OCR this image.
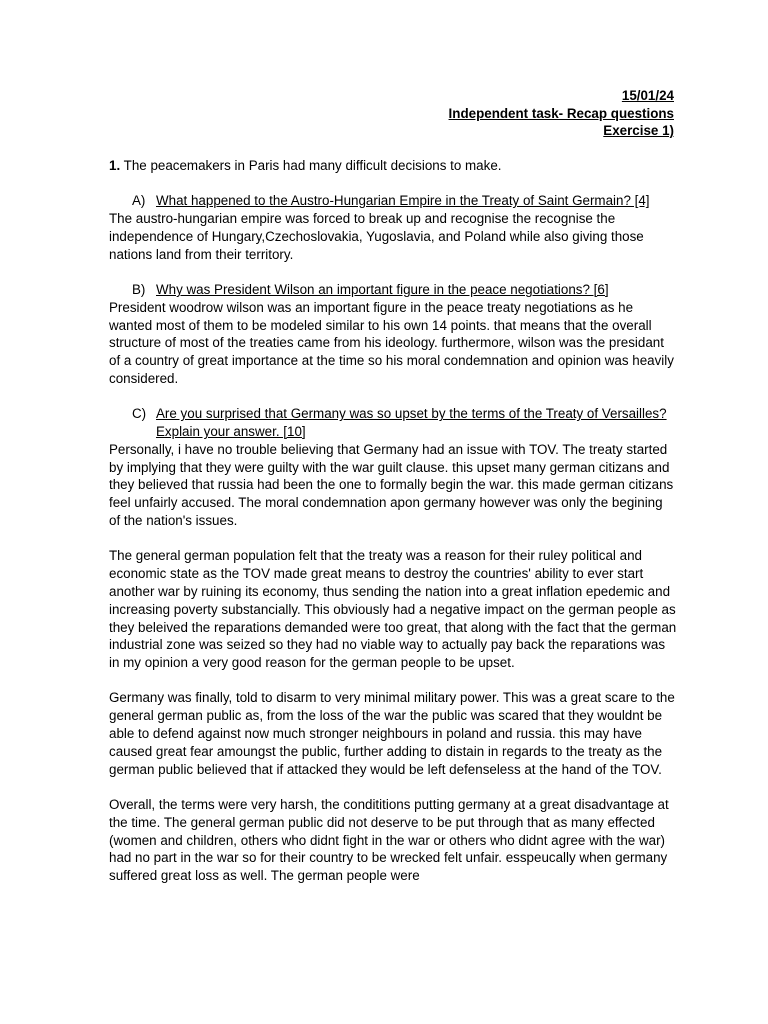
15/01/24
Independent task- Recap questions
Exercise 1)

1. The peacemakers in Paris had many difficult decisions to make.

A) What happened to the Austro-Hungarian Empire in the Treaty of Saint Germain? [4]

The austro-hungarian empire was forced to break up and recognise the recognise the independence of Hungary,Czechoslovakia, Yugoslavia, and Poland while also giving those nations land from their territory.

B) Why was President Wilson an important figure in the peace negotiations? [6]

President woodrow wilson was an important figure in the peace treaty negotiations as he wanted most of them to be modeled similar to his own 14 points. that means that the overall structure of most of the treaties came from his ideology. furthermore, wilson was the presidant of a country of great importance at the time so his moral condemnation and opinion was heavily considered.

C) Are you surprised that Germany was so upset by the terms of the Treaty of Versailles? Explain your answer. [10]

Personally, i have no trouble believing that Germany had an issue with TOV. The treaty started by implying that they were guilty with the war guilt clause. this upset many german citizans and they believed that russia had been the one to formally begin the war. this made german citizans feel unfairly accused. The moral condemnation apon germany however was only the begining of the nation's issues.

The general german population felt that the treaty was a reason for their ruley political and economic state as the TOV made great means to destroy the countries' ability to ever start another war by ruining its economy, thus sending the nation into a great inflation epedemic and increasing poverty substancially. This obviously had a negative impact on the german people as they beleived the reparations demanded were too great, that along with the fact that the german industrial zone was seized so they had no viable way to actually pay back the reparations was in my opinion a very good reason for the german people to be upset.

Germany was finally, told to disarm to very minimal military power. This was a great scare to the general german public as, from the loss of the war the public was scared that they wouldnt be able to defend against now much stronger neighbours in poland and russia. this may have caused great fear amoungst the public, further adding to distain in regards to the treaty as the german public believed that if attacked they would be left defenseless at the hand of the TOV.

Overall, the terms were very harsh, the condititions putting germany at a great disadvantage at the time. The general german public did not deserve to be put through that as many effected (women and children, others who didnt fight in the war or others who didnt agree with the war) had no part in the war so for their country to be wrecked felt unfair. esspeucally when germany suffered great loss as well. The german people were
